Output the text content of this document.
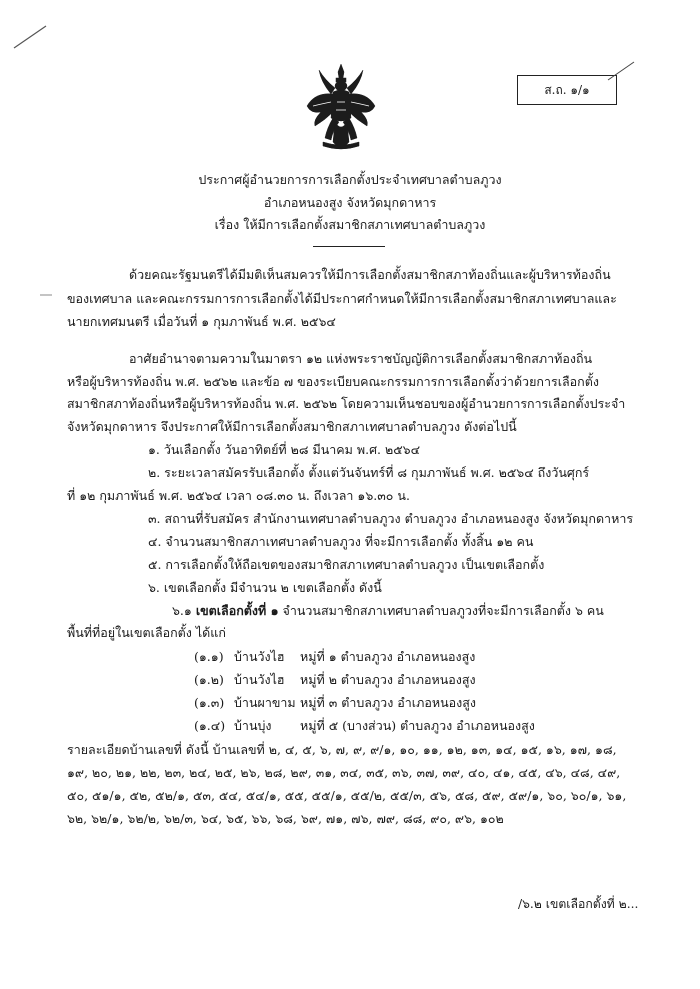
ส.ถ. ๑/๑
ประกาศผู้อำนวยการการเลือกตั้งประจำเทศบาลตำบลภูวง
อำเภอหนองสูง จังหวัดมุกดาหาร
เรื่อง ให้มีการเลือกตั้งสมาชิกสภาเทศบาลตำบลภูวง
ด้วยคณะรัฐมนตรีได้มีมติเห็นสมควรให้มีการเลือกตั้งสมาชิกสภาท้องถิ่นและผู้บริหารท้องถิ่น
ของเทศบาล และคณะกรรมการการเลือกตั้งได้มีประกาศกำหนดให้มีการเลือกตั้งสมาชิกสภาเทศบาลและ
นายกเทศมนตรี เมื่อวันที่ ๑ กุมภาพันธ์ พ.ศ. ๒๕๖๔
อาศัยอำนาจตามความในมาตรา ๑๒ แห่งพระราชบัญญัติการเลือกตั้งสมาชิกสภาท้องถิ่น
หรือผู้บริหารท้องถิ่น พ.ศ. ๒๕๖๒ และข้อ ๗ ของระเบียบคณะกรรมการการเลือกตั้งว่าด้วยการเลือกตั้ง
สมาชิกสภาท้องถิ่นหรือผู้บริหารท้องถิ่น พ.ศ. ๒๕๖๒ โดยความเห็นชอบของผู้อำนวยการการเลือกตั้งประจำ
จังหวัดมุกดาหาร จึงประกาศให้มีการเลือกตั้งสมาชิกสภาเทศบาลตำบลภูวง ดังต่อไปนี้
๑. วันเลือกตั้ง วันอาทิตย์ที่ ๒๘ มีนาคม พ.ศ. ๒๕๖๔
๒. ระยะเวลาสมัครรับเลือกตั้ง ตั้งแต่วันจันทร์ที่ ๘ กุมภาพันธ์ พ.ศ. ๒๕๖๔ ถึงวันศุกร์
ที่ ๑๒ กุมภาพันธ์ พ.ศ. ๒๕๖๔ เวลา ๐๘.๓๐ น. ถึงเวลา ๑๖.๓๐ น.
๓. สถานที่รับสมัคร สำนักงานเทศบาลตำบลภูวง ตำบลภูวง อำเภอหนองสูง จังหวัดมุกดาหาร
๔. จำนวนสมาชิกสภาเทศบาลตำบลภูวง ที่จะมีการเลือกตั้ง ทั้งสิ้น ๑๒ คน
๕. การเลือกตั้งให้ถือเขตของสมาชิกสภาเทศบาลตำบลภูวง เป็นเขตเลือกตั้ง
๖. เขตเลือกตั้ง มีจำนวน ๒ เขตเลือกตั้ง ดังนี้
๖.๑ เขตเลือกตั้งที่ ๑ จำนวนสมาชิกสภาเทศบาลตำบลภูวงที่จะมีการเลือกตั้ง ๖ คน
พื้นที่ที่อยู่ในเขตเลือกตั้ง ได้แก่
(๑.๑) บ้านวังไฮ หมู่ที่ ๑ ตำบลภูวง อำเภอหนองสูง
(๑.๒) บ้านวังไฮ หมู่ที่ ๒ ตำบลภูวง อำเภอหนองสูง
(๑.๓) บ้านผาขาม หมู่ที่ ๓ ตำบลภูวง อำเภอหนองสูง
(๑.๔) บ้านบุ่ง หมู่ที่ ๕ (บางส่วน) ตำบลภูวง อำเภอหนองสูง
รายละเอียดบ้านเลขที่ ดังนี้ บ้านเลขที่ ๒, ๔, ๕, ๖, ๗, ๙, ๙/๑, ๑๐, ๑๑, ๑๒, ๑๓, ๑๔, ๑๕, ๑๖, ๑๗, ๑๘,
๑๙, ๒๐, ๒๑, ๒๒, ๒๓, ๒๔, ๒๕, ๒๖, ๒๘, ๒๙, ๓๑, ๓๔, ๓๕, ๓๖, ๓๗, ๓๙, ๔๐, ๔๑, ๔๕, ๔๖, ๔๘, ๔๙,
๕๐, ๕๑/๑, ๕๒, ๕๒/๑, ๕๓, ๕๔, ๕๔/๑, ๕๕, ๕๕/๑, ๕๕/๒, ๕๕/๓, ๕๖, ๕๘, ๕๙, ๕๙/๑, ๖๐, ๖๐/๑, ๖๑,
๖๒, ๖๒/๑, ๖๒/๒, ๖๒/๓, ๖๔, ๖๕, ๖๖, ๖๘, ๖๙, ๗๑, ๗๖, ๗๙, ๘๘, ๙๐, ๙๖, ๑๐๒
/๖.๒ เขตเลือกตั้งที่ ๒...
